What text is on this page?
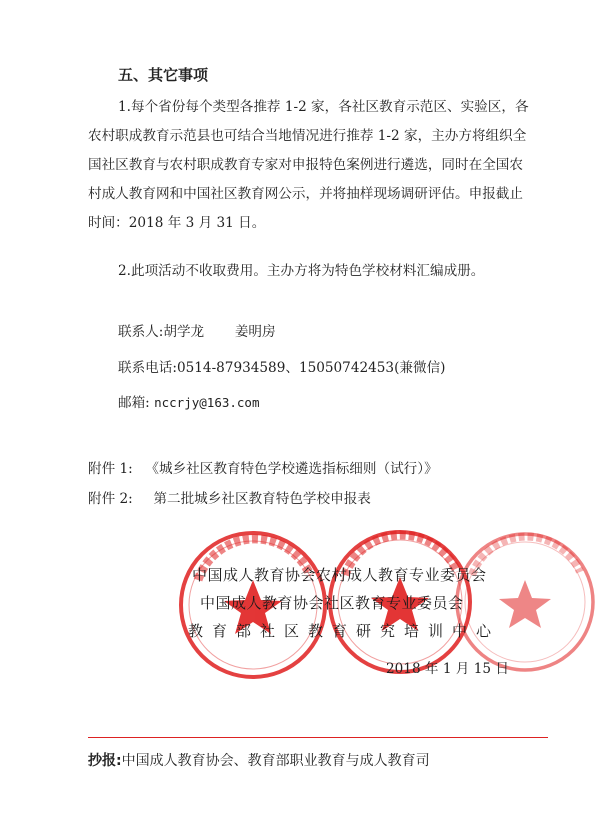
五、其它事项
1.每个省份每个类型各推荐 1-2 家，各社区教育示范区、实验区，各农村职成教育示范县也可结合当地情况进行推荐 1-2 家，主办方将组织全国社区教育与农村职成教育专家对申报特色案例进行遴选，同时在全国农村成人教育网和中国社区教育网公示，并将抽样现场调研评估。申报截止时间：2018 年 3 月 31 日。
2.此项活动不收取费用。主办方将为特色学校材料汇编成册。
联系人:胡学龙 姜明房
联系电话:0514-87934589、15050742453(兼微信)
邮箱: nccrjy@163.com
附件 1: 《城乡社区教育特色学校遴选指标细则（试行）》
附件 2: 第二批城乡社区教育特色学校申报表
中国成人教育协会农村成人教育专业委员会
中国成人教育协会社区教育专业委员会
教育部社区教育研究培训中心
2018 年 1 月 15 日
抄报:中国成人教育协会、教育部职业教育与成人教育司
